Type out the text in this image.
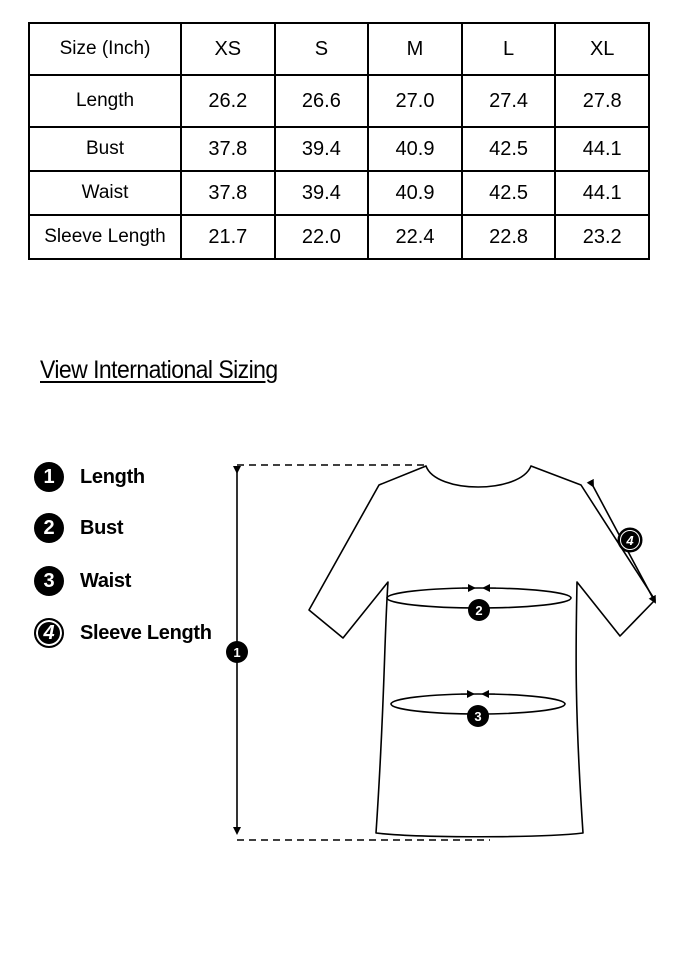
Size (Inch)	XS	S	M	L	XL
Length	26.2	26.6	27.0	27.4	27.8
Bust	37.8	39.4	40.9	42.5	44.1
Waist	37.8	39.4	40.9	42.5	44.1
Sleeve Length	21.7	22.0	22.4	22.8	23.2
View International Sizing
1	Length
2	Bust
3	Waist
4	Sleeve Length
1
2
3
4
